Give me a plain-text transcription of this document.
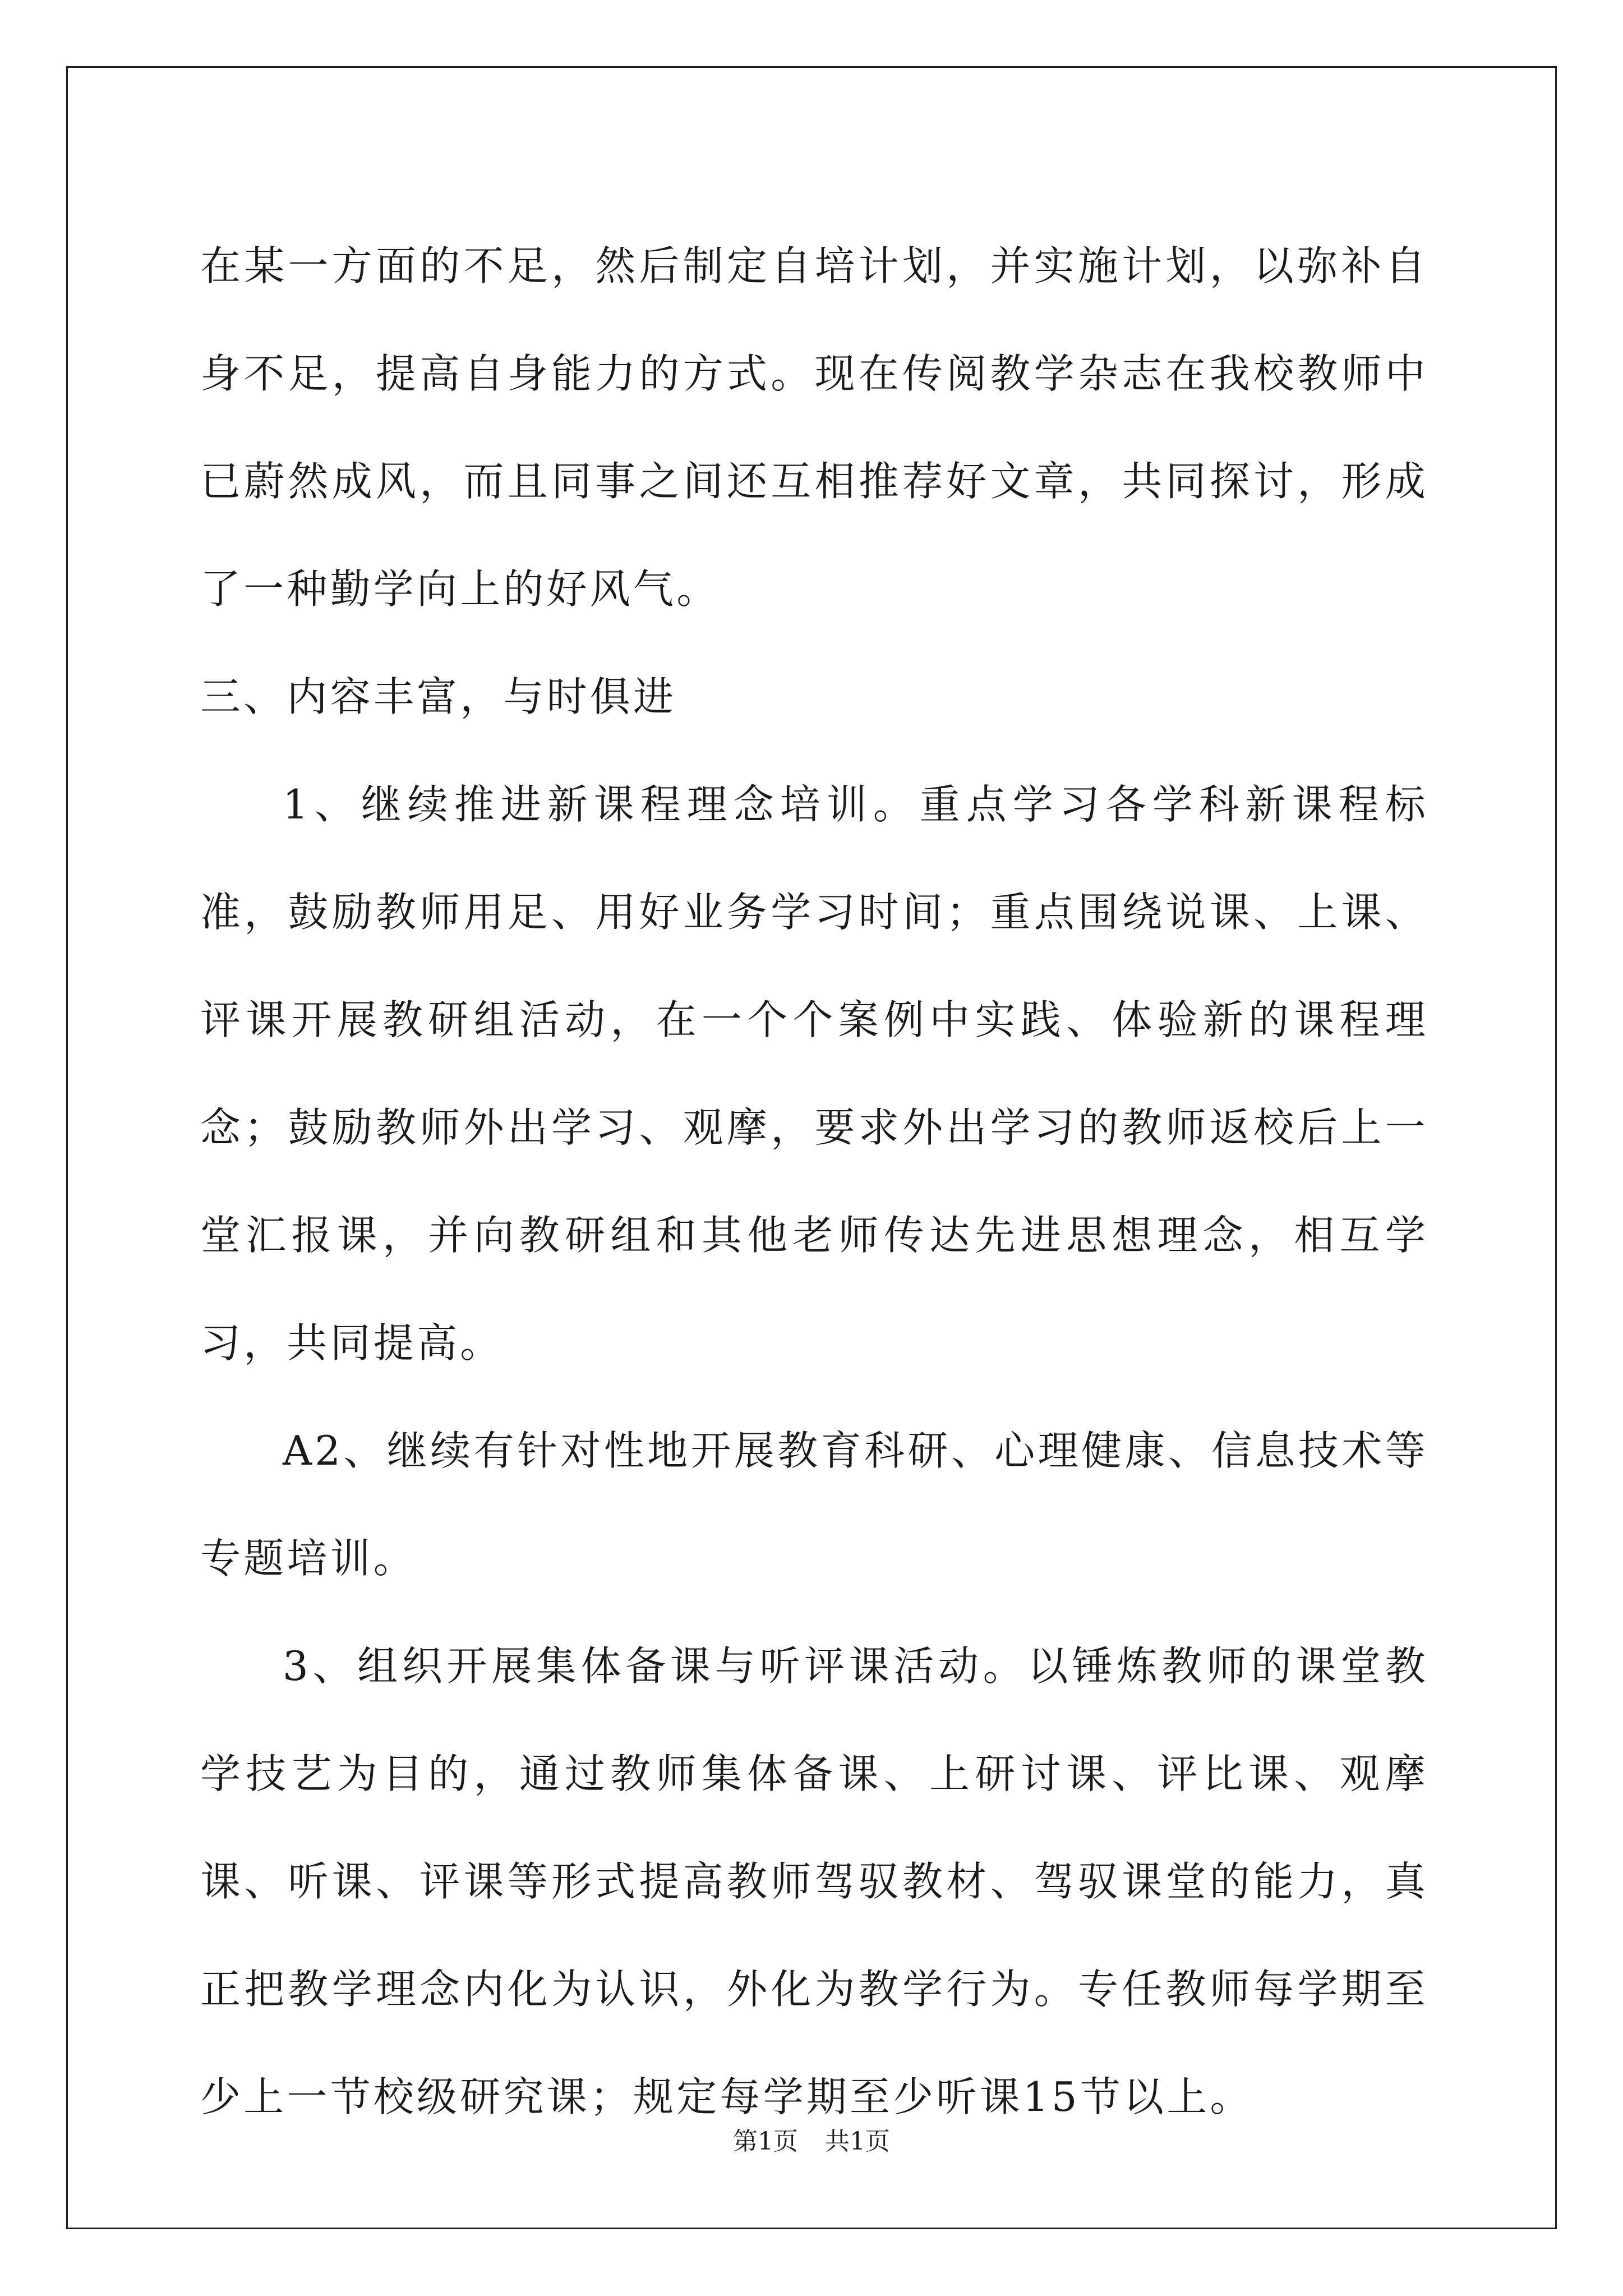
在某一方面的不足，然后制定自培计划，并实施计划，以弥补自身不足，提高自身能力的方式。现在传阅教学杂志在我校教师中已蔚然成风，而且同事之间还互相推荐好文章，共同探讨，形成了一种勤学向上的好风气。

三、内容丰富，与时俱进

1、继续推进新课程理念培训。重点学习各学科新课程标准，鼓励教师用足、用好业务学习时间；重点围绕说课、上课、评课开展教研组活动，在一个个案例中实践、体验新的课程理念；鼓励教师外出学习、观摩，要求外出学习的教师返校后上一堂汇报课，并向教研组和其他老师传达先进思想理念，相互学习，共同提高。

A2、继续有针对性地开展教育科研、心理健康、信息技术等专题培训。

3、组织开展集体备课与听评课活动。以锤炼教师的课堂教学技艺为目的，通过教师集体备课、上研讨课、评比课、观摩课、听课、评课等形式提高教师驾驭教材、驾驭课堂的能力，真正把教学理念内化为认识，外化为教学行为。专任教师每学期至少上一节校级研究课；规定每学期至少听课15节以上。

第1页 共1页
